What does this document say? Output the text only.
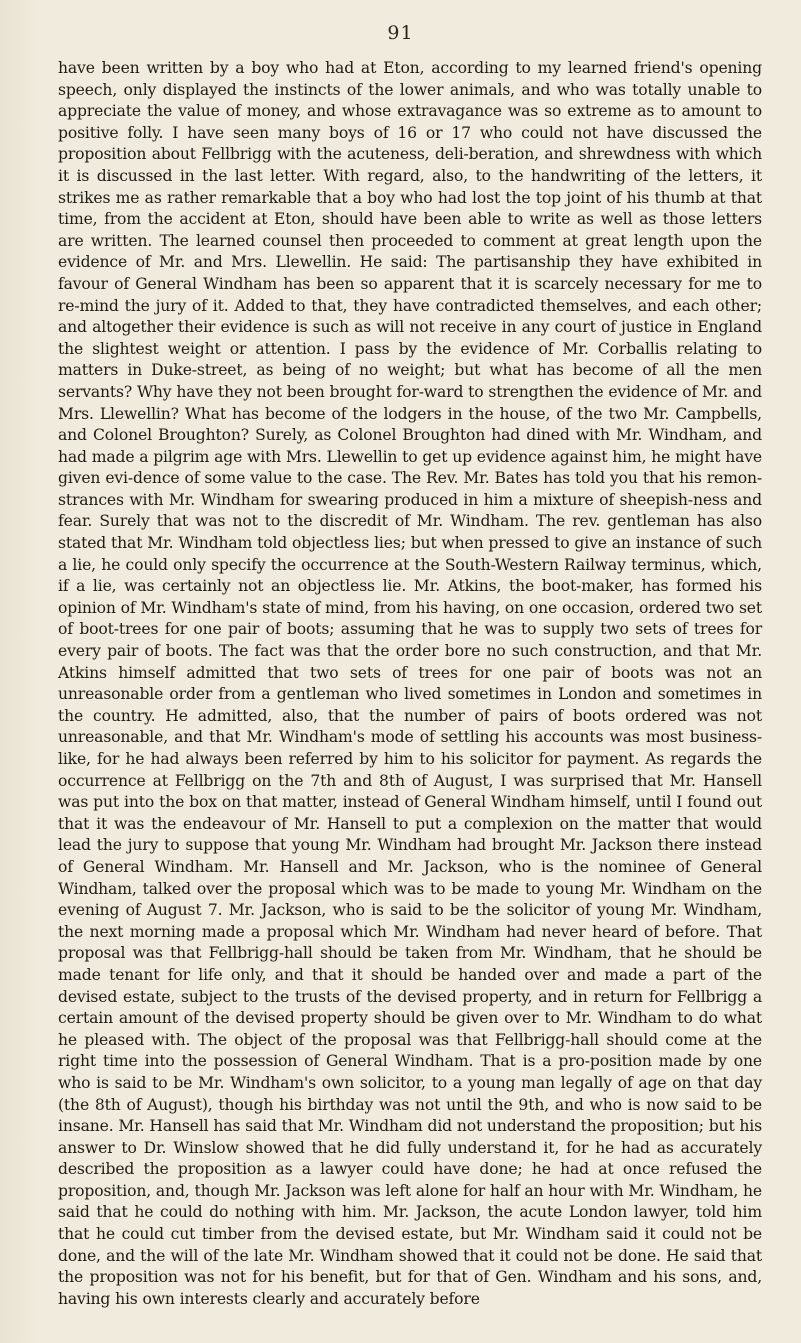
91

have been written by a boy who had at Eton, according to my learned friend's opening speech, only displayed the instincts of the lower animals, and who was totally unable to appreciate the value of money, and whose extravagance was so extreme as to amount to positive folly. I have seen many boys of 16 or 17 who could not have discussed the proposition about Fellbrigg with the acuteness, deli-beration, and shrewdness with which it is discussed in the last letter. With regard, also, to the handwriting of the letters, it strikes me as rather remarkable that a boy who had lost the top joint of his thumb at that time, from the accident at Eton, should have been able to write as well as those letters are written. The learned counsel then proceeded to comment at great length upon the evidence of Mr. and Mrs. Llewellin. He said: The partisanship they have exhibited in favour of General Windham has been so apparent that it is scarcely necessary for me to re-mind the jury of it. Added to that, they have contradicted themselves, and each other; and altogether their evidence is such as will not receive in any court of justice in England the slightest weight or attention. I pass by the evidence of Mr. Corballis relating to matters in Duke-street, as being of no weight; but what has become of all the men servants? Why have they not been brought for-ward to strengthen the evidence of Mr. and Mrs. Llewellin? What has become of the lodgers in the house, of the two Mr. Campbells, and Colonel Broughton? Surely, as Colonel Broughton had dined with Mr. Windham, and had made a pilgrim age with Mrs. Llewellin to get up evidence against him, he might have given evi-dence of some value to the case. The Rev. Mr. Bates has told you that his remon-strances with Mr. Windham for swearing produced in him a mixture of sheepish-ness and fear. Surely that was not to the discredit of Mr. Windham. The rev. gentleman has also stated that Mr. Windham told objectless lies; but when pressed to give an instance of such a lie, he could only specify the occurrence at the South-Western Railway terminus, which, if a lie, was certainly not an objectless lie. Mr. Atkins, the boot-maker, has formed his opinion of Mr. Windham's state of mind, from his having, on one occasion, ordered two set of boot-trees for one pair of boots; assuming that he was to supply two sets of trees for every pair of boots. The fact was that the order bore no such construction, and that Mr. Atkins himself admitted that two sets of trees for one pair of boots was not an unreasonable order from a gentleman who lived sometimes in London and sometimes in the country. He admitted, also, that the number of pairs of boots ordered was not unreasonable, and that Mr. Windham's mode of settling his accounts was most business-like, for he had always been referred by him to his solicitor for payment. As regards the occurrence at Fellbrigg on the 7th and 8th of August, I was surprised that Mr. Hansell was put into the box on that matter, instead of General Windham himself, until I found out that it was the endeavour of Mr. Hansell to put a complexion on the matter that would lead the jury to suppose that young Mr. Windham had brought Mr. Jackson there instead of General Windham. Mr. Hansell and Mr. Jackson, who is the nominee of General Windham, talked over the proposal which was to be made to young Mr. Windham on the evening of August 7. Mr. Jackson, who is said to be the solicitor of young Mr. Windham, the next morning made a proposal which Mr. Windham had never heard of before. That proposal was that Fellbrigg-hall should be taken from Mr. Windham, that he should be made tenant for life only, and that it should be handed over and made a part of the devised estate, subject to the trusts of the devised property, and in return for Fellbrigg a certain amount of the devised property should be given over to Mr. Windham to do what he pleased with. The object of the proposal was that Fellbrigg-hall should come at the right time into the possession of General Windham. That is a pro-position made by one who is said to be Mr. Windham's own solicitor, to a young man legally of age on that day (the 8th of August), though his birthday was not until the 9th, and who is now said to be insane. Mr. Hansell has said that Mr. Windham did not understand the proposition; but his answer to Dr. Winslow showed that he did fully understand it, for he had as accurately described the proposition as a lawyer could have done; he had at once refused the proposition, and, though Mr. Jackson was left alone for half an hour with Mr. Windham, he said that he could do nothing with him. Mr. Jackson, the acute London lawyer, told him that he could cut timber from the devised estate, but Mr. Windham said it could not be done, and the will of the late Mr. Windham showed that it could not be done. He said that the proposition was not for his benefit, but for that of Gen. Windham and his sons, and, having his own interests clearly and accurately before
